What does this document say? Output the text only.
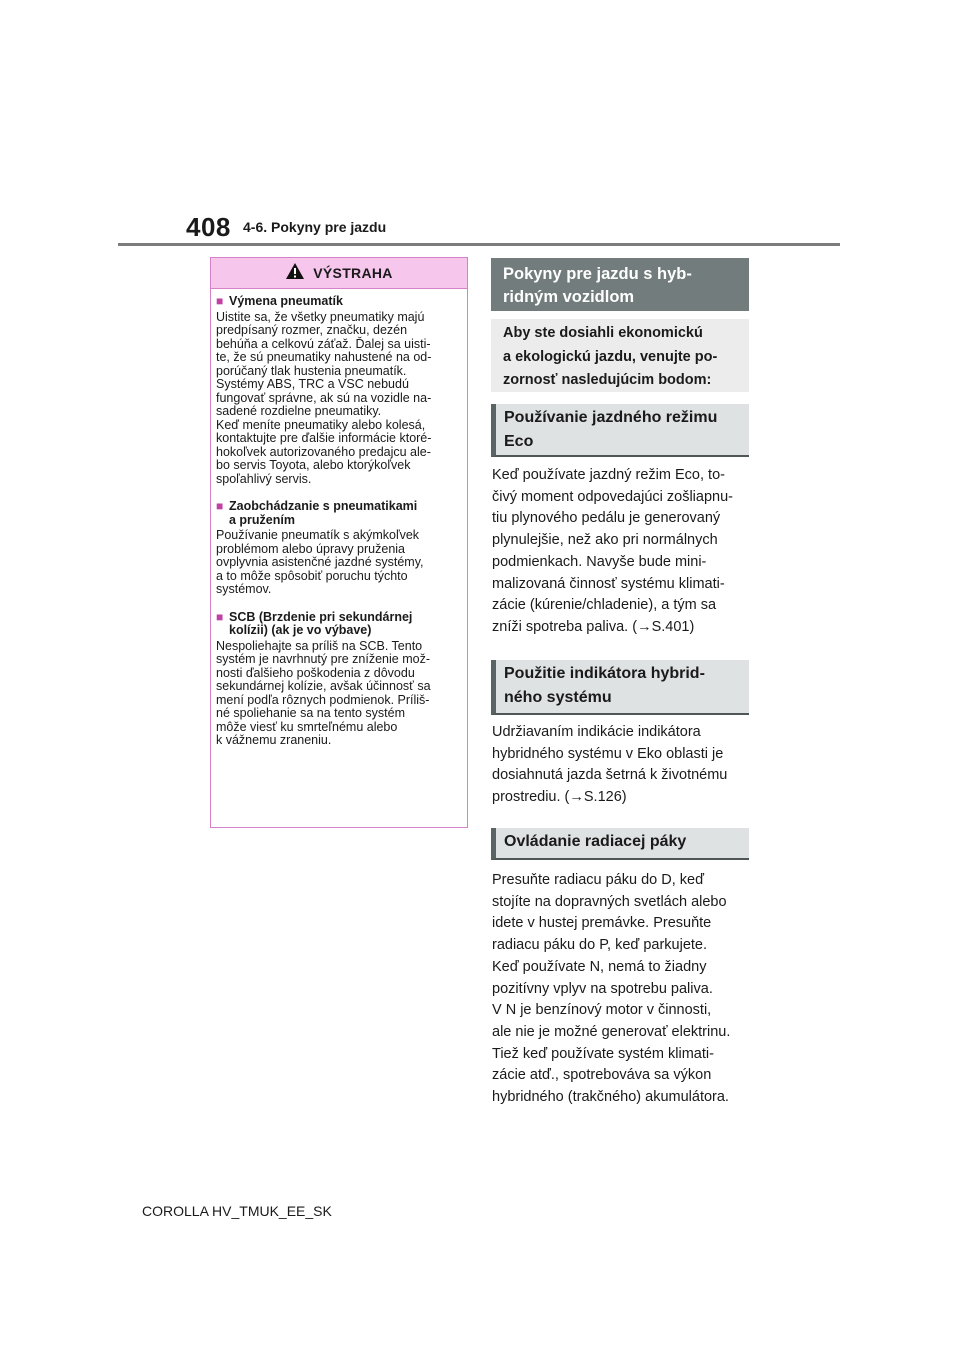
408 4-6. Pokyny pre jazdu
VÝSTRAHA
■ Výmena pneumatík
Uistite sa, že všetky pneumatiky majú
predpísaný rozmer, značku, dezén
behúňa a celkovú záťaž. Ďalej sa uisti-
te, že sú pneumatiky nahustené na od-
porúčaný tlak hustenia pneumatík.
Systémy ABS, TRC a VSC nebudú
fungovať správne, ak sú na vozidle na-
sadené rozdielne pneumatiky.
Keď meníte pneumatiky alebo kolesá,
kontaktujte pre ďalšie informácie ktoré-
hokoľvek autorizovaného predajcu ale-
bo servis Toyota, alebo ktorýkoľvek
spoľahlivý servis.
■ Zaobchádzanie s pneumatikami
a pružením
Používanie pneumatík s akýmkoľvek
problémom alebo úpravy pruženia
ovplyvnia asistenčné jazdné systémy,
a to môže spôsobiť poruchu týchto
systémov.
■ SCB (Brzdenie pri sekundárnej
kolízii) (ak je vo výbave)
Nespoliehajte sa príliš na SCB. Tento
systém je navrhnutý pre zníženie mož-
nosti ďalšieho poškodenia z dôvodu
sekundárnej kolízie, avšak účinnosť sa
mení podľa rôznych podmienok. Príliš-
né spoliehanie sa na tento systém
môže viesť ku smrteľnému alebo
k vážnemu zraneniu.
Pokyny pre jazdu s hyb-
ridným vozidlom
Aby ste dosiahli ekonomickú
a ekologickú jazdu, venujte po-
zornosť nasledujúcim bodom:
Používanie jazdného režimu
Eco
Keď používate jazdný režim Eco, to-
čivý moment odpovedajúci zošliapnu-
tiu plynového pedálu je generovaný
plynulejšie, než ako pri normálnych
podmienkach. Navyše bude mini-
malizovaná činnosť systému klimati-
zácie (kúrenie/chladenie), a tým sa
zníži spotreba paliva. (→S.401)
Použitie indikátora hybrid-
ného systému
Udržiavaním indikácie indikátora
hybridného systému v Eko oblasti je
dosiahnutá jazda šetrná k životnému
prostrediu. (→S.126)
Ovládanie radiacej páky
Presuňte radiacu páku do D, keď
stojíte na dopravných svetlách alebo
idete v hustej premávke. Presuňte
radiacu páku do P, keď parkujete.
Keď používate N, nemá to žiadny
pozitívny vplyv na spotrebu paliva.
V N je benzínový motor v činnosti,
ale nie je možné generovať elektrinu.
Tiež keď používate systém klimati-
zácie atď., spotrebováva sa výkon
hybridného (trakčného) akumulátora.
COROLLA HV_TMUK_EE_SK
